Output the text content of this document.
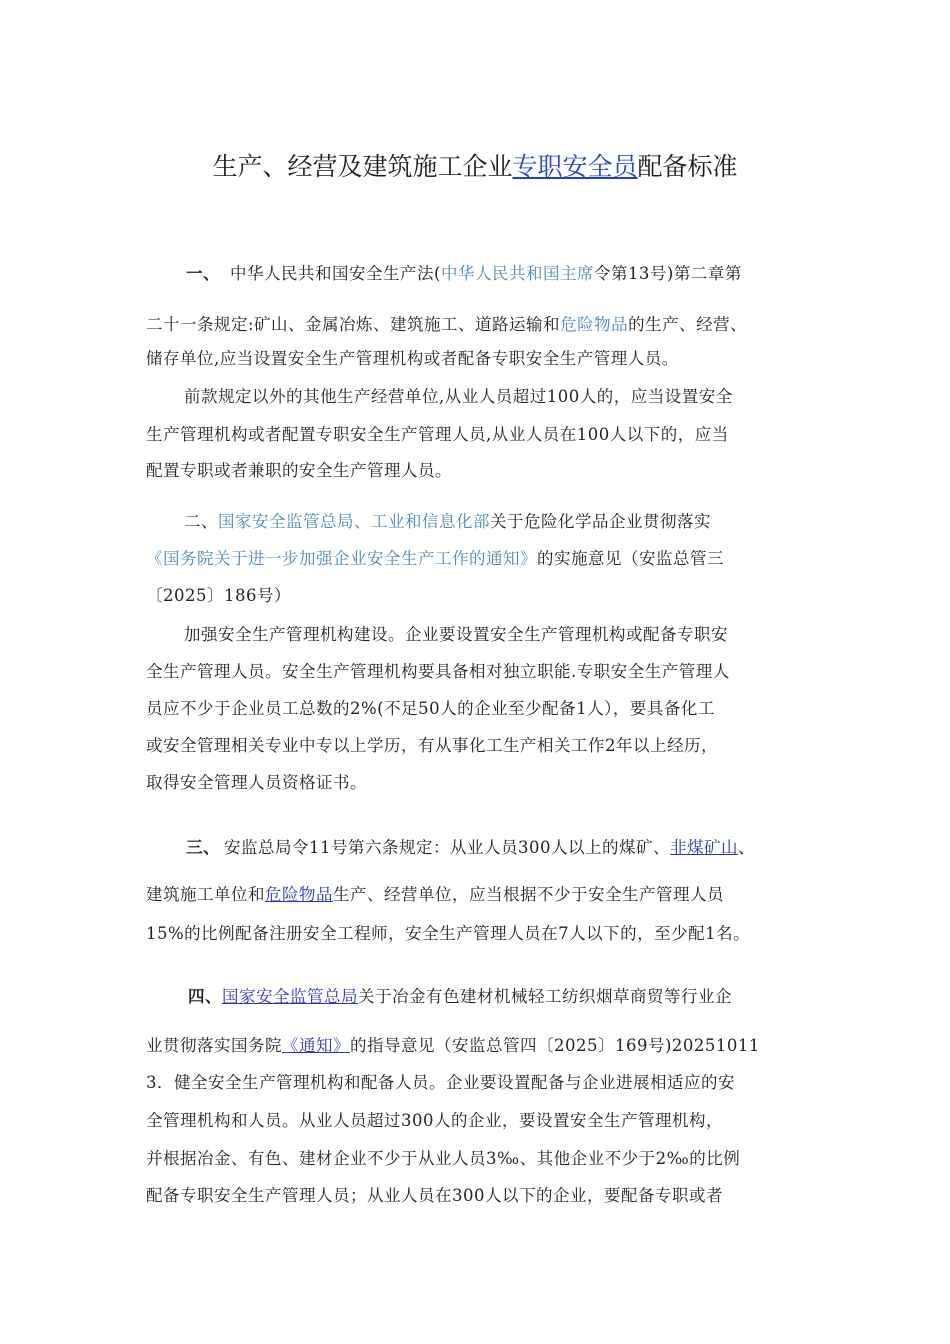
生产、经营及建筑施工企业专职安全员配备标准
一、 中华人民共和国安全生产法(中华人民共和国主席令第13号)第二章第
二十一条规定:矿山、金属冶炼、建筑施工、道路运输和危险物品的生产、经营、
储存单位,应当设置安全生产管理机构或者配备专职安全生产管理人员。
前款规定以外的其他生产经营单位,从业人员超过100人的，应当设置安全
生产管理机构或者配置专职安全生产管理人员,从业人员在100人以下的，应当
配置专职或者兼职的安全生产管理人员。
二、国家安全监管总局、工业和信息化部关于危险化学品企业贯彻落实
《国务院关于进一步加强企业安全生产工作的通知》的实施意见（安监总管三
〔2025〕186号）
加强安全生产管理机构建设。企业要设置安全生产管理机构或配备专职安
全生产管理人员。安全生产管理机构要具备相对独立职能.专职安全生产管理人
员应不少于企业员工总数的2%(不足50人的企业至少配备1人），要具备化工
或安全管理相关专业中专以上学历，有从事化工生产相关工作2年以上经历，
取得安全管理人员资格证书。
三、 安监总局令11号第六条规定：从业人员300人以上的煤矿、非煤矿山、
建筑施工单位和危险物品生产、经营单位，应当根据不少于安全生产管理人员
15%的比例配备注册安全工程师，安全生产管理人员在7人以下的，至少配1名。
四、国家安全监管总局关于冶金有色建材机械轻工纺织烟草商贸等行业企
业贯彻落实国务院《通知》的指导意见（安监总管四〔2025〕169号)20251011
3．健全安全生产管理机构和配备人员。企业要设置配备与企业进展相适应的安
全管理机构和人员。从业人员超过300人的企业，要设置安全生产管理机构，
并根据冶金、有色、建材企业不少于从业人员3‰、其他企业不少于2‰的比例
配备专职安全生产管理人员；从业人员在300人以下的企业，要配备专职或者
